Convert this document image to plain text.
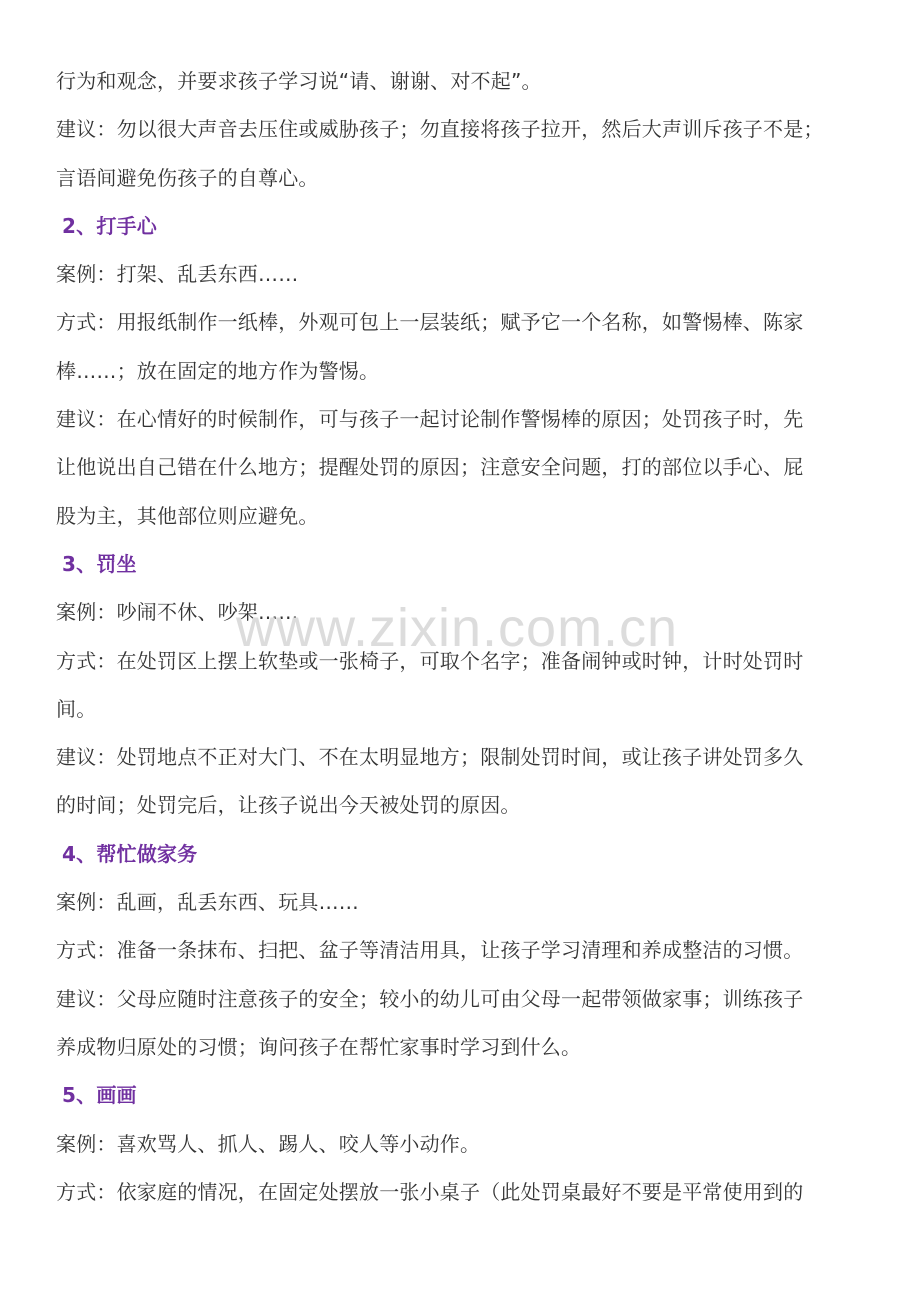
行为和观念，并要求孩子学习说“请、谢谢、对不起”。
建议：勿以很大声音去压住或威胁孩子；勿直接将孩子拉开，然后大声训斥孩子不是；
言语间避免伤孩子的自尊心。
2、打手心
案例：打架、乱丢东西……
方式：用报纸制作一纸棒，外观可包上一层装纸；赋予它一个名称，如警惕棒、陈家
棒……；放在固定的地方作为警惕。
建议：在心情好的时候制作，可与孩子一起讨论制作警惕棒的原因；处罚孩子时，先
让他说出自己错在什么地方；提醒处罚的原因；注意安全问题，打的部位以手心、屁
股为主，其他部位则应避免。
3、罚坐
案例：吵闹不休、吵架……
方式：在处罚区上摆上软垫或一张椅子，可取个名字；准备闹钟或时钟，计时处罚时
间。
建议：处罚地点不正对大门、不在太明显地方；限制处罚时间，或让孩子讲处罚多久
的时间；处罚完后，让孩子说出今天被处罚的原因。
4、帮忙做家务
案例：乱画，乱丢东西、玩具……
方式：准备一条抹布、扫把、盆子等清洁用具，让孩子学习清理和养成整洁的习惯。
建议：父母应随时注意孩子的安全；较小的幼儿可由父母一起带领做家事；训练孩子
养成物归原处的习惯；询问孩子在帮忙家事时学习到什么。
5、画画
案例：喜欢骂人、抓人、踢人、咬人等小动作。
方式：依家庭的情况，在固定处摆放一张小桌子（此处罚桌最好不要是平常使用到的
www.zixin.com.cn
